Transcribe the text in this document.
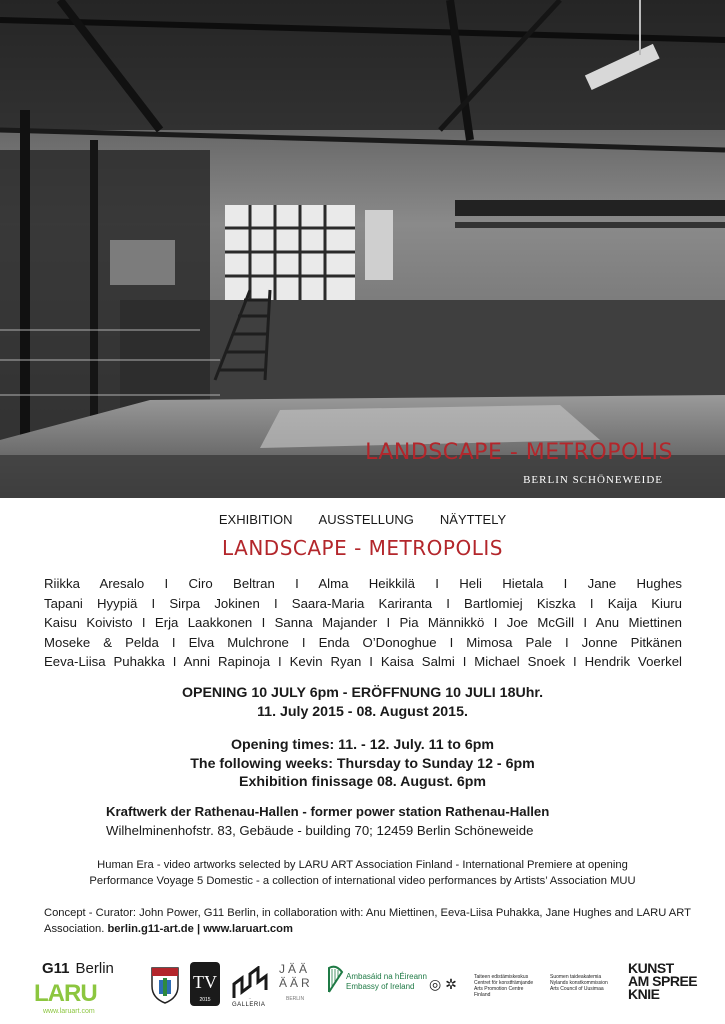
LANDSCAPE - METROPOLIS
BERLIN SCHÖNEWEIDE
EXHIBITION AUSSTELLUNG NÄYTTELY
LANDSCAPE - METROPOLIS
Riikka Aresalo I Ciro Beltran I Alma Heikkilä I Heli Hietala I Jane Hughes
Tapani Hyypiä I Sirpa Jokinen I Saara-Maria Kariranta I Bartlomiej Kiszka I Kaija Kiuru
Kaisu Koivisto I Erja Laakkonen I Sanna Majander I Pia Männikkö I Joe McGill I Anu Miettinen
Moseke & Pelda I Elva Mulchrone I Enda O’Donoghue I Mimosa Pale I Jonne Pitkänen
Eeva-Liisa Puhakka I Anni Rapinoja I Kevin Ryan I Kaisa Salmi I Michael Snoek I Hendrik Voerkel
OPENING 10 JULY 6pm - ERÖFFNUNG 10 JULI 18Uhr.
11. July 2015 - 08. August 2015.
Opening times: 11. - 12. July. 11 to 6pm
The following weeks: Thursday to Sunday 12 - 6pm
Exhibition finissage 08. August. 6pm
Kraftwerk der Rathenau-Hallen - former power station Rathenau-Hallen
Wilhelminenhofstr. 83, Gebäude - building 70; 12459 Berlin Schöneweide
Human Era - video artworks selected by LARU ART Association Finland - International Premiere at opening
Performance Voyage 5 Domestic - a collection of international video performances by Artists’ Association MUU
Concept - Curator: John Power, G11 Berlin, in collaboration with: Anu Miettinen, Eeva-Liisa Puhakka, Jane Hughes and LARU ART Association. berlin.g11-art.de | www.laruart.com
G11 Berlin
LARU
www.laruart.com
TV
2015	MUU
GALLERIA
JÄÄ
ÄÄR
BERLIN
Ambasáid na hÉireann
Embassy of Ireland	◎ ✲	Taiteen edistämiskeskus
Centret för konstfrämjande
Arts Promotion Centre Finland
Suomen taideakatemia
Nylands konstkommission
Arts Council of Uusimaa
KUNST
AM SPREE
KNIE
